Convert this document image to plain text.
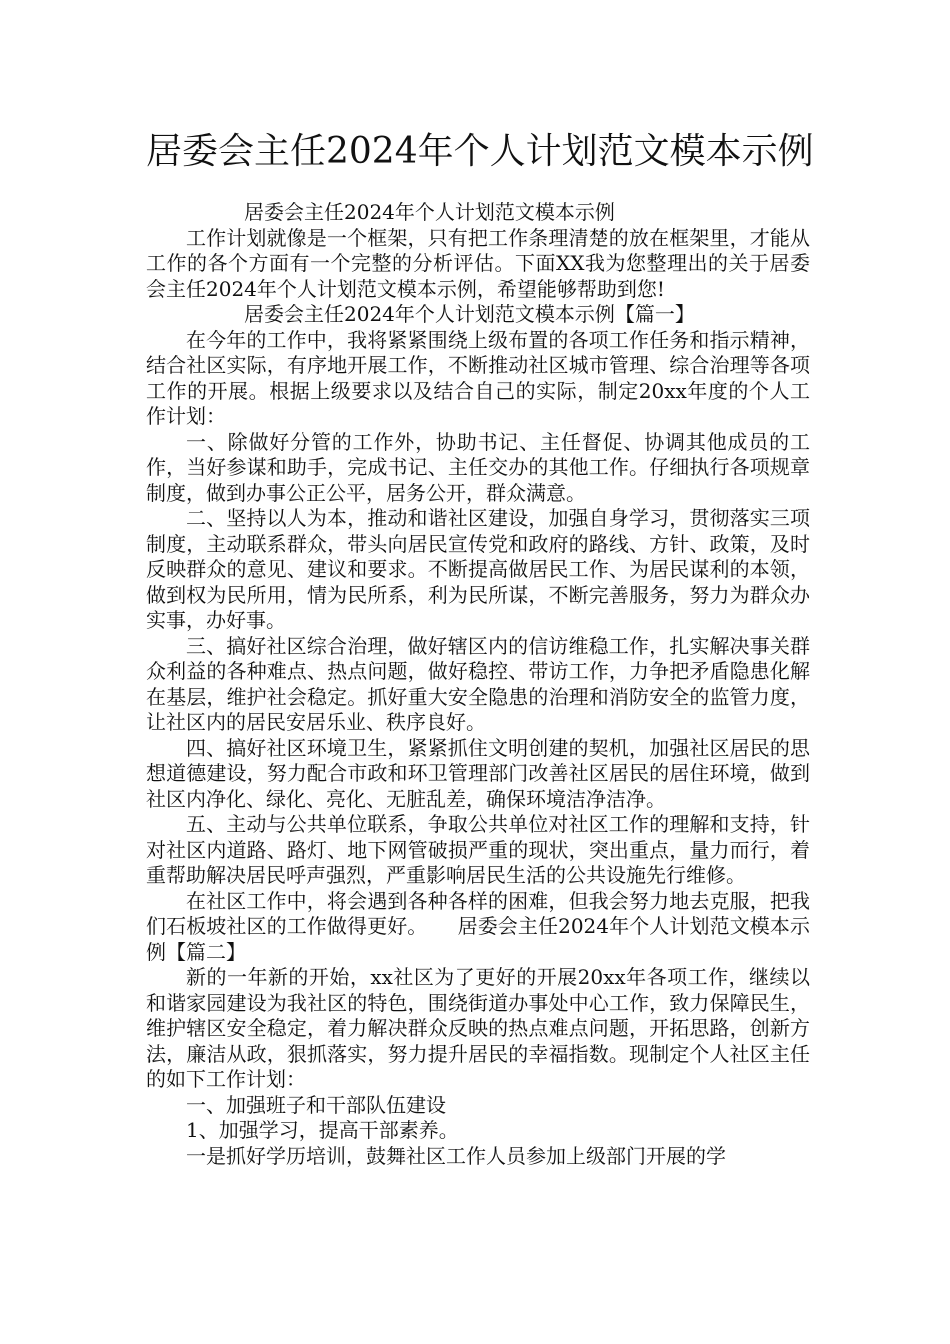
居委会主任2024年个人计划范文模本示例

居委会主任2024年个人计划范文模本示例

工作计划就像是一个框架，只有把工作条理清楚的放在框架里，才能从工作的各个方面有一个完整的分析评估。下面XX我为您整理出的关于居委会主任2024年个人计划范文模本示例，希望能够帮助到您!

居委会主任2024年个人计划范文模本示例【篇一】

在今年的工作中，我将紧紧围绕上级布置的各项工作任务和指示精神，结合社区实际，有序地开展工作，不断推动社区城市管理、综合治理等各项工作的开展。根据上级要求以及结合自己的实际，制定20xx年度的个人工作计划：

一、除做好分管的工作外，协助书记、主任督促、协调其他成员的工作，当好参谋和助手，完成书记、主任交办的其他工作。仔细执行各项规章制度，做到办事公正公平，居务公开，群众满意。

二、坚持以人为本，推动和谐社区建设，加强自身学习，贯彻落实三项制度，主动联系群众，带头向居民宣传党和政府的路线、方针、政策，及时反映群众的意见、建议和要求。不断提高做居民工作、为居民谋利的本领，做到权为民所用，情为民所系，利为民所谋，不断完善服务，努力为群众办实事，办好事。

三、搞好社区综合治理，做好辖区内的信访维稳工作，扎实解决事关群众利益的各种难点、热点问题，做好稳控、带访工作，力争把矛盾隐患化解在基层，维护社会稳定。抓好重大安全隐患的治理和消防安全的监管力度，让社区内的居民安居乐业、秩序良好。

四、搞好社区环境卫生，紧紧抓住文明创建的契机，加强社区居民的思想道德建设，努力配合市政和环卫管理部门改善社区居民的居住环境，做到社区内净化、绿化、亮化、无脏乱差，确保环境洁净洁净。

五、主动与公共单位联系，争取公共单位对社区工作的理解和支持，针对社区内道路、路灯、地下网管破损严重的现状，突出重点，量力而行，着重帮助解决居民呼声强烈，严重影响居民生活的公共设施先行维修。

在社区工作中，将会遇到各种各样的困难，但我会努力地去克服，把我们石板坡社区的工作做得更好。　　居委会主任2024年个人计划范文模本示例【篇二】

新的一年新的开始，xx社区为了更好的开展20xx年各项工作，继续以和谐家园建设为我社区的特色，围绕街道办事处中心工作，致力保障民生，维护辖区安全稳定，着力解决群众反映的热点难点问题，开拓思路，创新方法，廉洁从政，狠抓落实，努力提升居民的幸福指数。现制定个人社区主任的如下工作计划：

一、加强班子和干部队伍建设

1、加强学习，提高干部素养。

一是抓好学历培训，鼓舞社区工作人员参加上级部门开展的学
